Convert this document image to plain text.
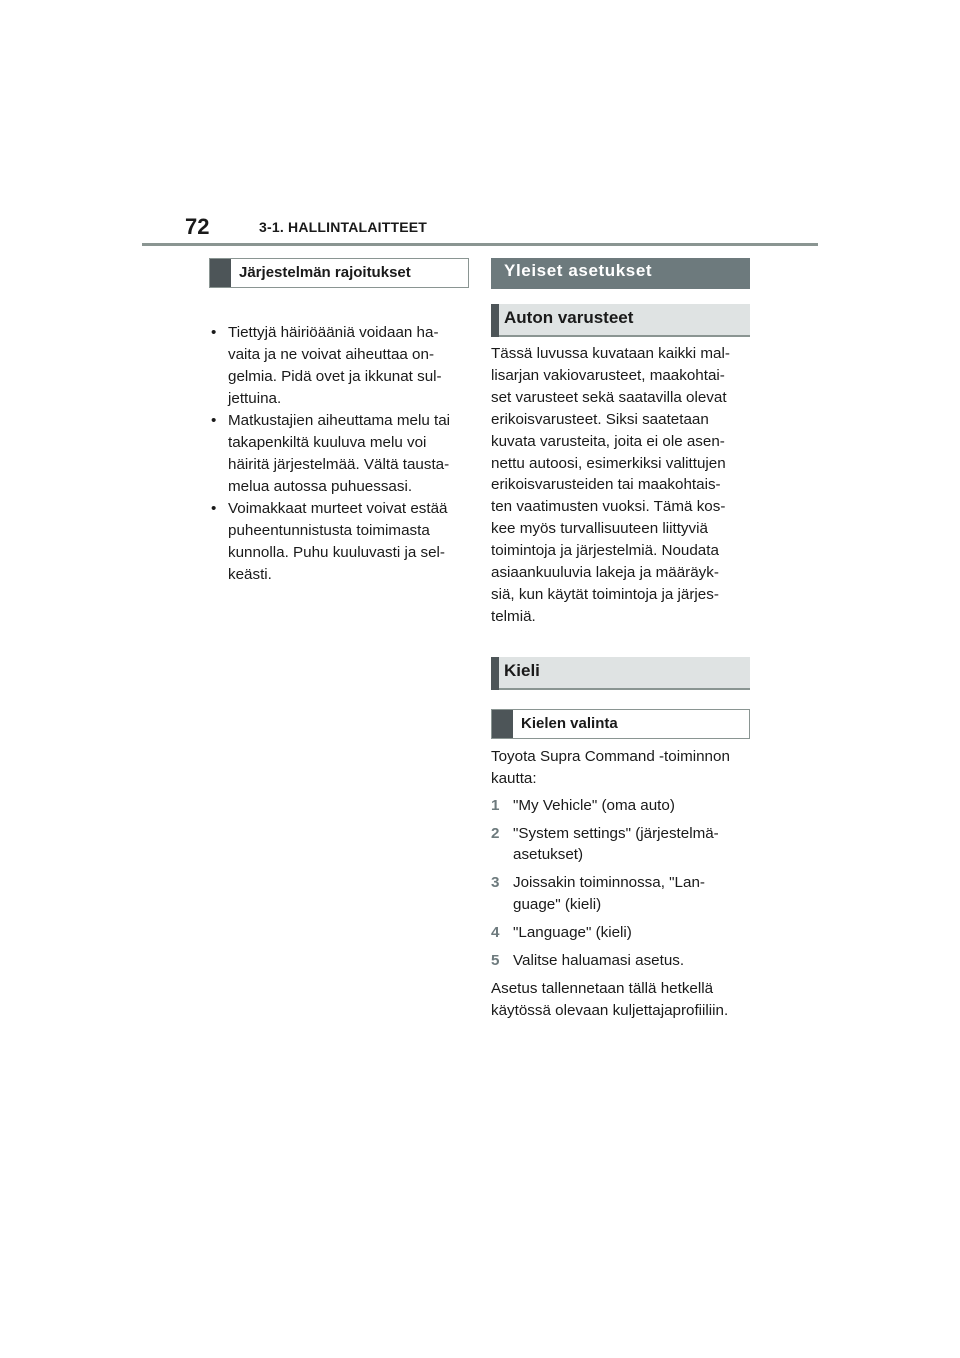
72	3-1. HALLINTALAITTEET
Järjestelmän rajoitukset
• Tiettyjä häiriöääniä voidaan ha-
vaita ja ne voivat aiheuttaa on-
gelmia. Pidä ovet ja ikkunat sul-
jettuina.
• Matkustajien aiheuttama melu tai
takapenkiltä kuuluva melu voi
häiritä järjestelmää. Vältä tausta-
melua autossa puhuessasi.
• Voimakkaat murteet voivat estää
puheentunnistusta toimimasta
kunnolla. Puhu kuuluvasti ja sel-
keästi.
Yleiset asetukset
Auton varusteet

Tässä luvussa kuvataan kaikki mal-
lisarjan vakiovarusteet, maakohtai-
set varusteet sekä saatavilla olevat
erikoisvarusteet. Siksi saatetaan
kuvata varusteita, joita ei ole asen-
nettu autoosi, esimerkiksi valittujen
erikoisvarusteiden tai maakohtais-
ten vaatimusten vuoksi. Tämä kos-
kee myös turvallisuuteen liittyviä
toimintoja ja järjestelmiä. Noudata
asiaankuuluvia lakeja ja määräyk-
siä, kun käytät toimintoja ja järjes-
telmiä.

Kieli
Kielen valinta

Toyota Supra Command -toiminnon
kautta:

1 "My Vehicle" (oma auto)
2 "System settings" (järjestelmä-
asetukset)
3 Joissakin toiminnossa, "Lan-
guage" (kieli)
4 "Language" (kieli)
5 Valitse haluamasi asetus.

Asetus tallennetaan tällä hetkellä
käytössä olevaan kuljettajaprofiiliin.
